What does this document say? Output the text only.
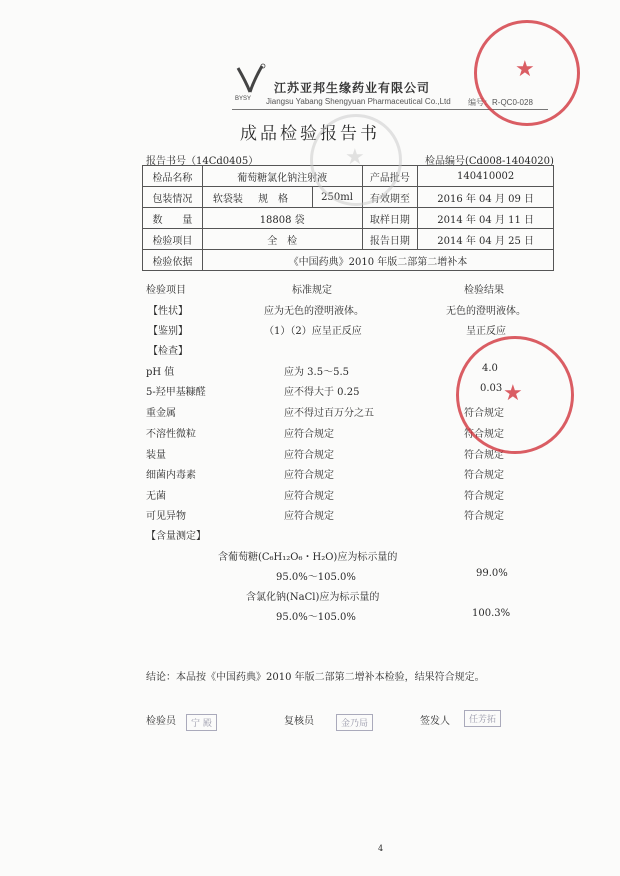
BYSY
江苏亚邦生缘药业有限公司
Jiangsu Yabang Shengyuan Pharmaceutical Co.,Ltd 编号：R-QC0-028
成品检验报告书
报告书号（14Cd0405）	检品编号(Cd008-1404020)
检品名称	葡萄糖氯化钠注射液		产品批号	140410002
包装情况	软袋装 规　格	250ml	有效期至	2016 年 04 月 09 日
数　　量	18808 袋		取样日期	2014 年 04 月 11 日
检验项目	全　检		报告日期	2014 年 04 月 25 日
检验依据	《中国药典》2010 年版二部第二增补本			
检验项目	标准规定	检验结果
【性状】	应为无色的澄明液体。	无色的澄明液体。
【鉴别】	（1）（2）应呈正反应	呈正反应
【检查】
pH 值	应为 3.5～5.5	4.0
5-羟甲基糠醛	应不得大于 0.25	0.03
重金属	应不得过百万分之五	符合规定
不溶性微粒	应符合规定	符合规定
装量	应符合规定	符合规定
细菌内毒素	应符合规定	符合规定
无菌	应符合规定	符合规定
可见异物	应符合规定	符合规定
【含量测定】
含葡萄糖(C₆H₁₂O₆・H₂O)应为标示量的
95.0%～105.0%	99.0%
含氯化钠(NaCl)应为标示量的
95.0%～105.0%	100.3%
结论：本品按《中国药典》2010 年版二部第二增补本检验，结果符合规定。
检验员	宁 殿	复核员	金乃局	签发人	任芳拓
4
★
★
★
